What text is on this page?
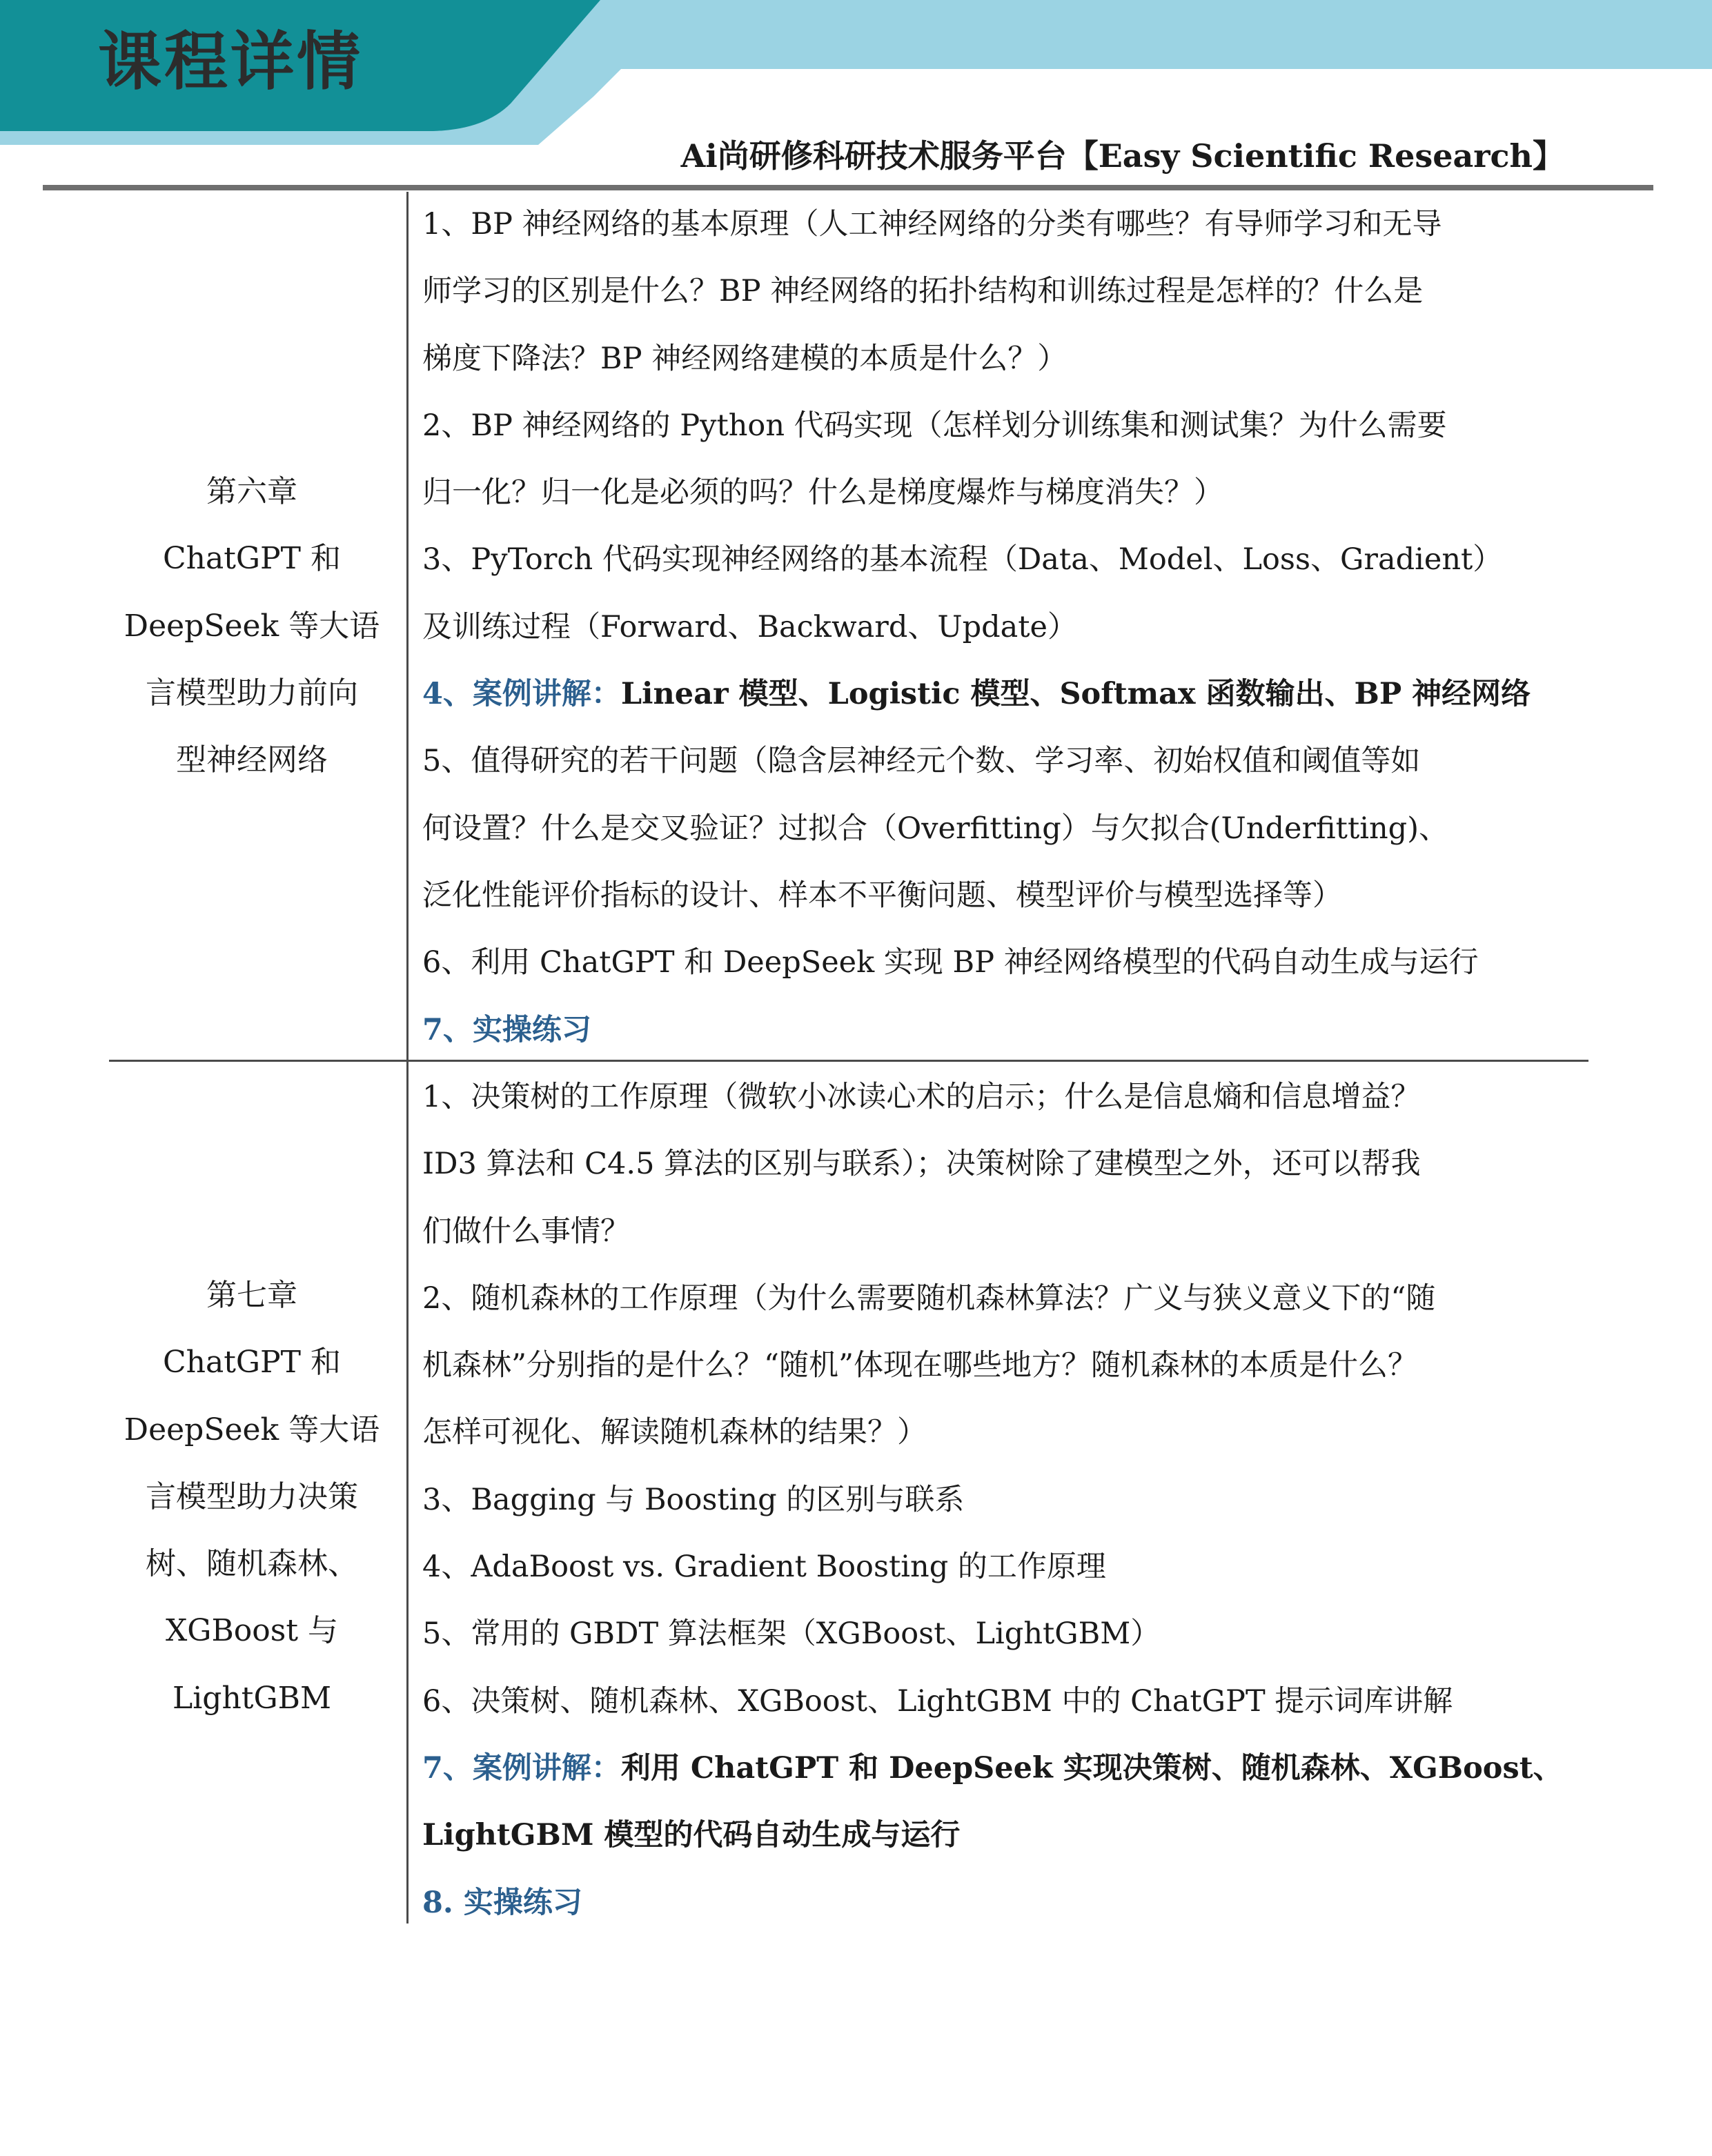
课程详情
Ai尚研修科研技术服务平台【Easy Scientific Research】
第六章
ChatGPT 和
DeepSeek 等大语
言模型助力前向
型神经网络
1、BP 神经网络的基本原理（人工神经网络的分类有哪些？有导师学习和无导
师学习的区别是什么？BP 神经网络的拓扑结构和训练过程是怎样的？什么是
梯度下降法？BP 神经网络建模的本质是什么？）
2、BP 神经网络的 Python 代码实现（怎样划分训练集和测试集？为什么需要
归一化？归一化是必须的吗？什么是梯度爆炸与梯度消失？）
3、PyTorch 代码实现神经网络的基本流程（Data、Model、Loss、Gradient）
及训练过程（Forward、Backward、Update）
4、案例讲解：Linear 模型、Logistic 模型、Softmax 函数输出、BP 神经网络
5、值得研究的若干问题（隐含层神经元个数、学习率、初始权值和阈值等如
何设置？什么是交叉验证？过拟合（Overfitting）与欠拟合(Underfitting)、
泛化性能评价指标的设计、样本不平衡问题、模型评价与模型选择等）
6、利用 ChatGPT 和 DeepSeek 实现 BP 神经网络模型的代码自动生成与运行
7、实操练习
第七章
ChatGPT 和
DeepSeek 等大语
言模型助力决策
树、随机森林、
XGBoost 与
LightGBM
1、决策树的工作原理（微软小冰读心术的启示；什么是信息熵和信息增益？
ID3 算法和 C4.5 算法的区别与联系）；决策树除了建模型之外，还可以帮我
们做什么事情？
2、随机森林的工作原理（为什么需要随机森林算法？广义与狭义意义下的“随
机森林”分别指的是什么？“随机”体现在哪些地方？随机森林的本质是什么？
怎样可视化、解读随机森林的结果？）
3、Bagging 与 Boosting 的区别与联系
4、AdaBoost vs. Gradient Boosting 的工作原理
5、常用的 GBDT 算法框架（XGBoost、LightGBM）
6、决策树、随机森林、XGBoost、LightGBM 中的 ChatGPT 提示词库讲解
7、案例讲解：利用 ChatGPT 和 DeepSeek 实现决策树、随机森林、XGBoost、
LightGBM 模型的代码自动生成与运行
8. 实操练习
